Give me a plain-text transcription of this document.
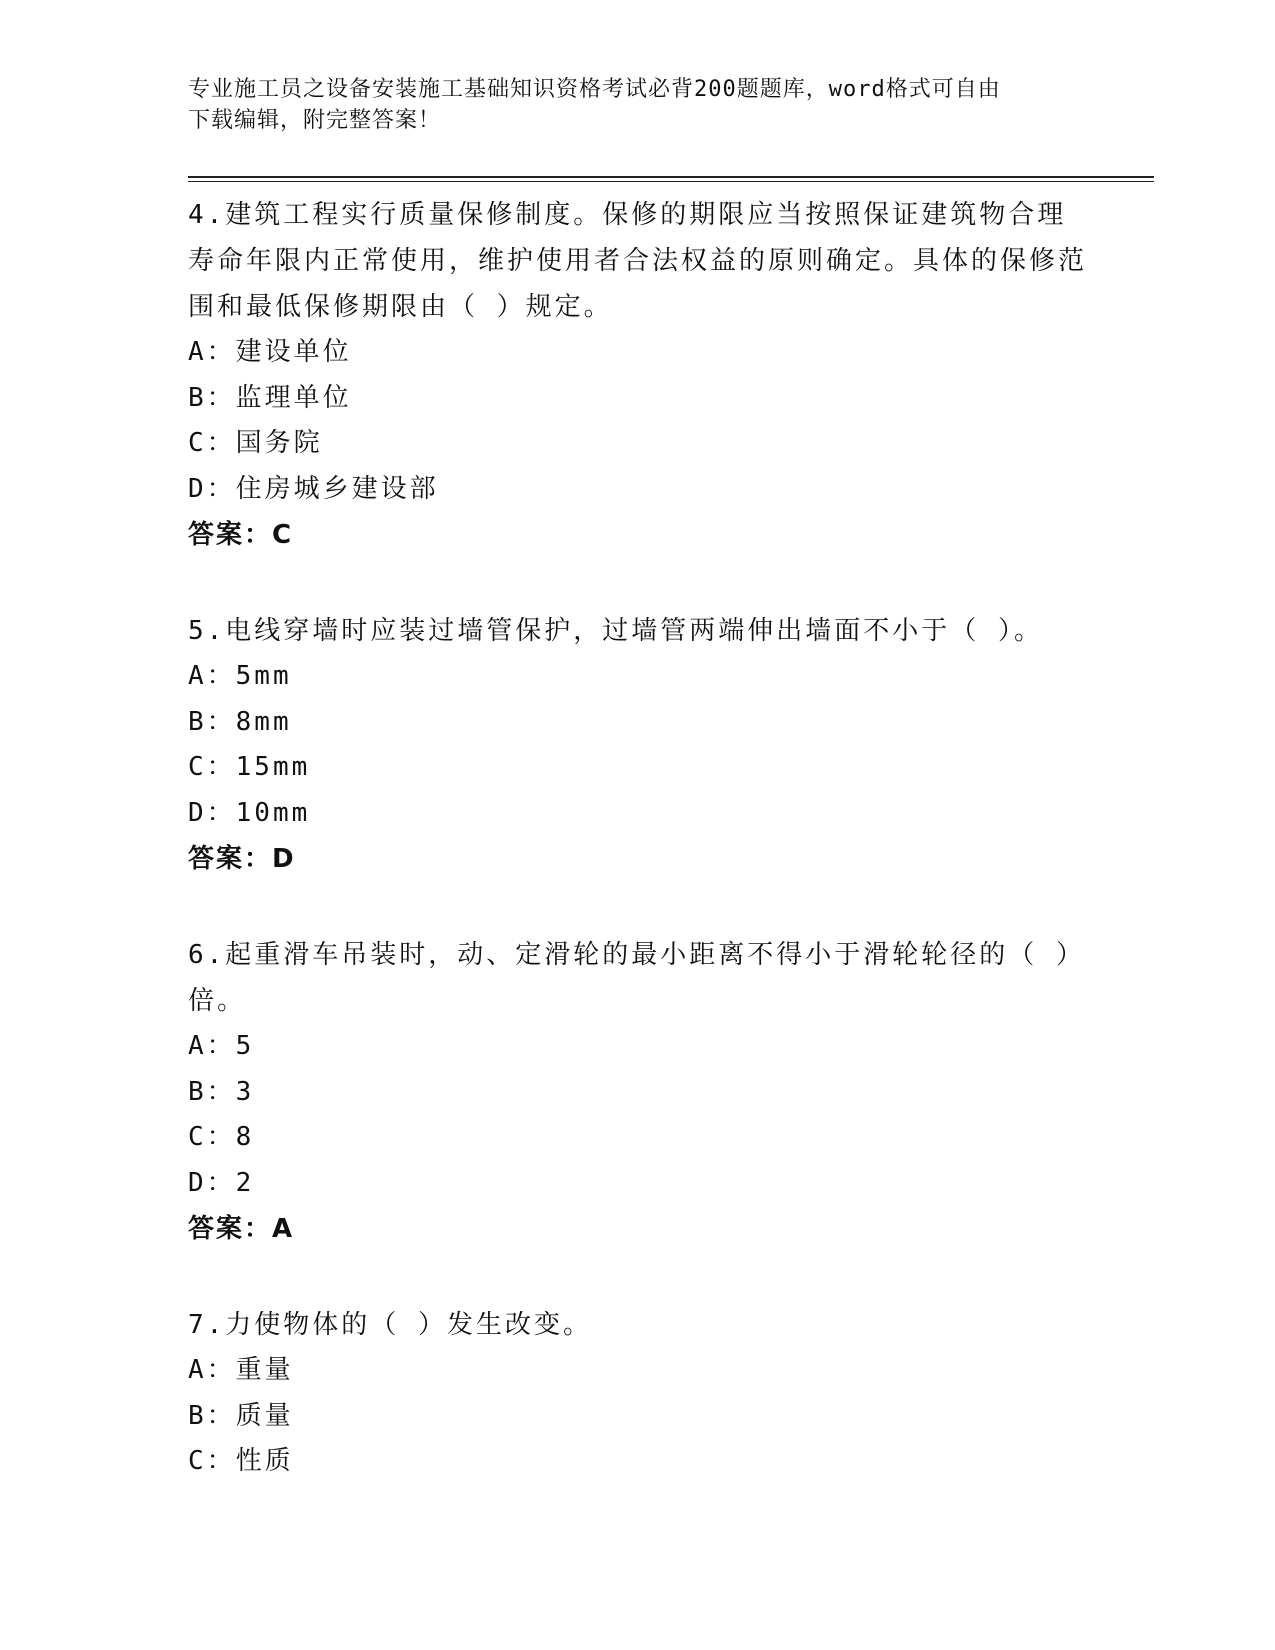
专业施工员之设备安装施工基础知识资格考试必背200题题库，word格式可自由
下载编辑，附完整答案！

4.建筑工程实行质量保修制度。保修的期限应当按照保证建筑物合理寿命年限内正常使用，维护使用者合法权益的原则确定。具体的保修范围和最低保修期限由（ ）规定。

A：建设单位

B：监理单位

C：国务院

D：住房城乡建设部

答案：C

5.电线穿墙时应装过墙管保护，过墙管两端伸出墙面不小于（ ）。

A：5mm

B：8mm

C：15mm

D：10mm

答案：D

6.起重滑车吊装时，动、定滑轮的最小距离不得小于滑轮轮径的（ ）倍。

A：5

B：3

C：8

D：2

答案：A

7.力使物体的（ ）发生改变。

A：重量

B：质量

C：性质
